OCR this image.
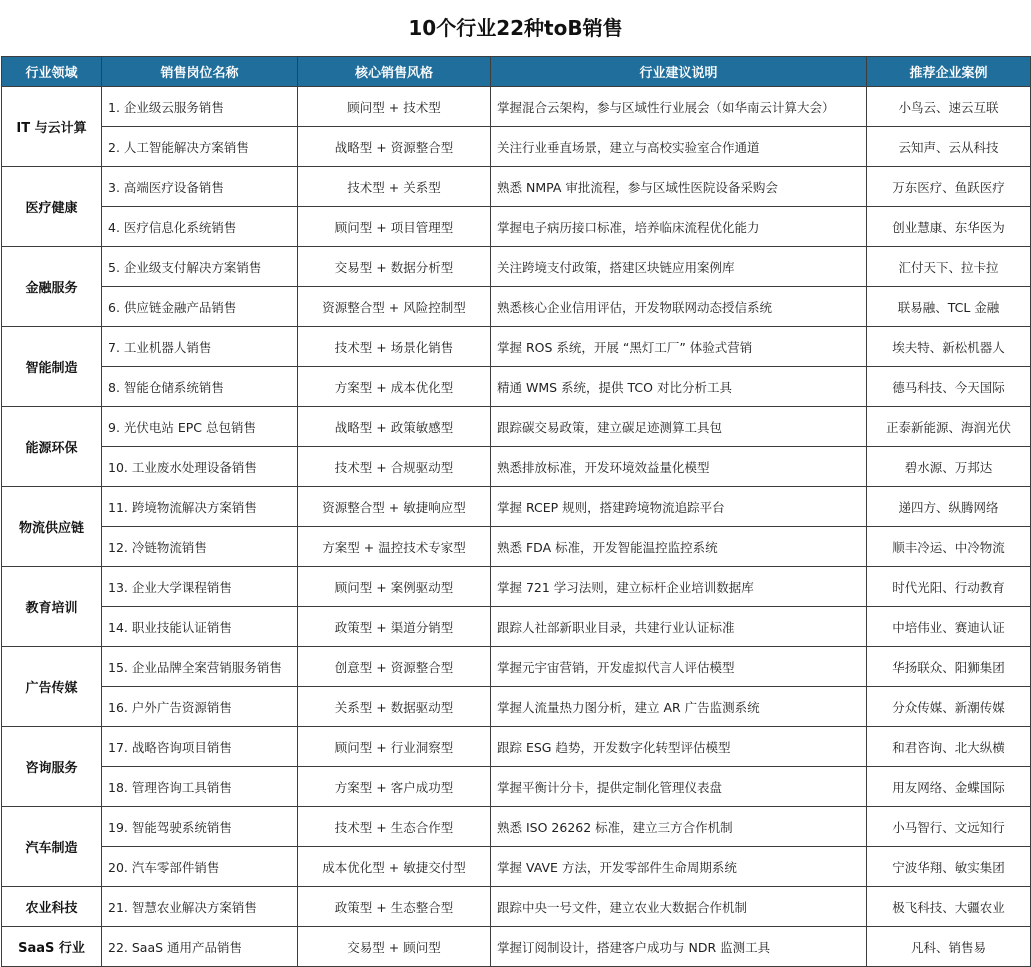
10个行业22种toB销售
行业领域	销售岗位名称	核心销售风格	行业建议说明	推荐企业案例
IT 与云计算	1. 企业级云服务销售	顾问型 + 技术型	掌握混合云架构，参与区域性行业展会（如华南云计算大会）	小鸟云、速云互联
	2. 人工智能解决方案销售	战略型 + 资源整合型	关注行业垂直场景，建立与高校实验室合作通道	云知声、云从科技
医疗健康	3. 高端医疗设备销售	技术型 + 关系型	熟悉 NMPA 审批流程，参与区域性医院设备采购会	万东医疗、鱼跃医疗
	4. 医疗信息化系统销售	顾问型 + 项目管理型	掌握电子病历接口标准，培养临床流程优化能力	创业慧康、东华医为
金融服务	5. 企业级支付解决方案销售	交易型 + 数据分析型	关注跨境支付政策，搭建区块链应用案例库	汇付天下、拉卡拉
	6. 供应链金融产品销售	资源整合型 + 风险控制型	熟悉核心企业信用评估，开发物联网动态授信系统	联易融、TCL 金融
智能制造	7. 工业机器人销售	技术型 + 场景化销售	掌握 ROS 系统，开展 “黑灯工厂” 体验式营销	埃夫特、新松机器人
	8. 智能仓储系统销售	方案型 + 成本优化型	精通 WMS 系统，提供 TCO 对比分析工具	德马科技、今天国际
能源环保	9. 光伏电站 EPC 总包销售	战略型 + 政策敏感型	跟踪碳交易政策，建立碳足迹测算工具包	正泰新能源、海润光伏
	10. 工业废水处理设备销售	技术型 + 合规驱动型	熟悉排放标准，开发环境效益量化模型	碧水源、万邦达
物流供应链	11. 跨境物流解决方案销售	资源整合型 + 敏捷响应型	掌握 RCEP 规则，搭建跨境物流追踪平台	递四方、纵腾网络
	12. 冷链物流销售	方案型 + 温控技术专家型	熟悉 FDA 标准，开发智能温控监控系统	顺丰冷运、中冷物流
教育培训	13. 企业大学课程销售	顾问型 + 案例驱动型	掌握 721 学习法则，建立标杆企业培训数据库	时代光阳、行动教育
	14. 职业技能认证销售	政策型 + 渠道分销型	跟踪人社部新职业目录，共建行业认证标准	中培伟业、赛迪认证
广告传媒	15. 企业品牌全案营销服务销售	创意型 + 资源整合型	掌握元宇宙营销，开发虚拟代言人评估模型	华扬联众、阳狮集团
	16. 户外广告资源销售	关系型 + 数据驱动型	掌握人流量热力图分析，建立 AR 广告监测系统	分众传媒、新潮传媒
咨询服务	17. 战略咨询项目销售	顾问型 + 行业洞察型	跟踪 ESG 趋势，开发数字化转型评估模型	和君咨询、北大纵横
	18. 管理咨询工具销售	方案型 + 客户成功型	掌握平衡计分卡，提供定制化管理仪表盘	用友网络、金蝶国际
汽车制造	19. 智能驾驶系统销售	技术型 + 生态合作型	熟悉 ISO 26262 标准，建立三方合作机制	小马智行、文远知行
	20. 汽车零部件销售	成本优化型 + 敏捷交付型	掌握 VAVE 方法，开发零部件生命周期系统	宁波华翔、敏实集团
农业科技	21. 智慧农业解决方案销售	政策型 + 生态整合型	跟踪中央一号文件，建立农业大数据合作机制	极飞科技、大疆农业
SaaS 行业	22. SaaS 通用产品销售	交易型 + 顾问型	掌握订阅制设计，搭建客户成功与 NDR 监测工具	凡科、销售易
